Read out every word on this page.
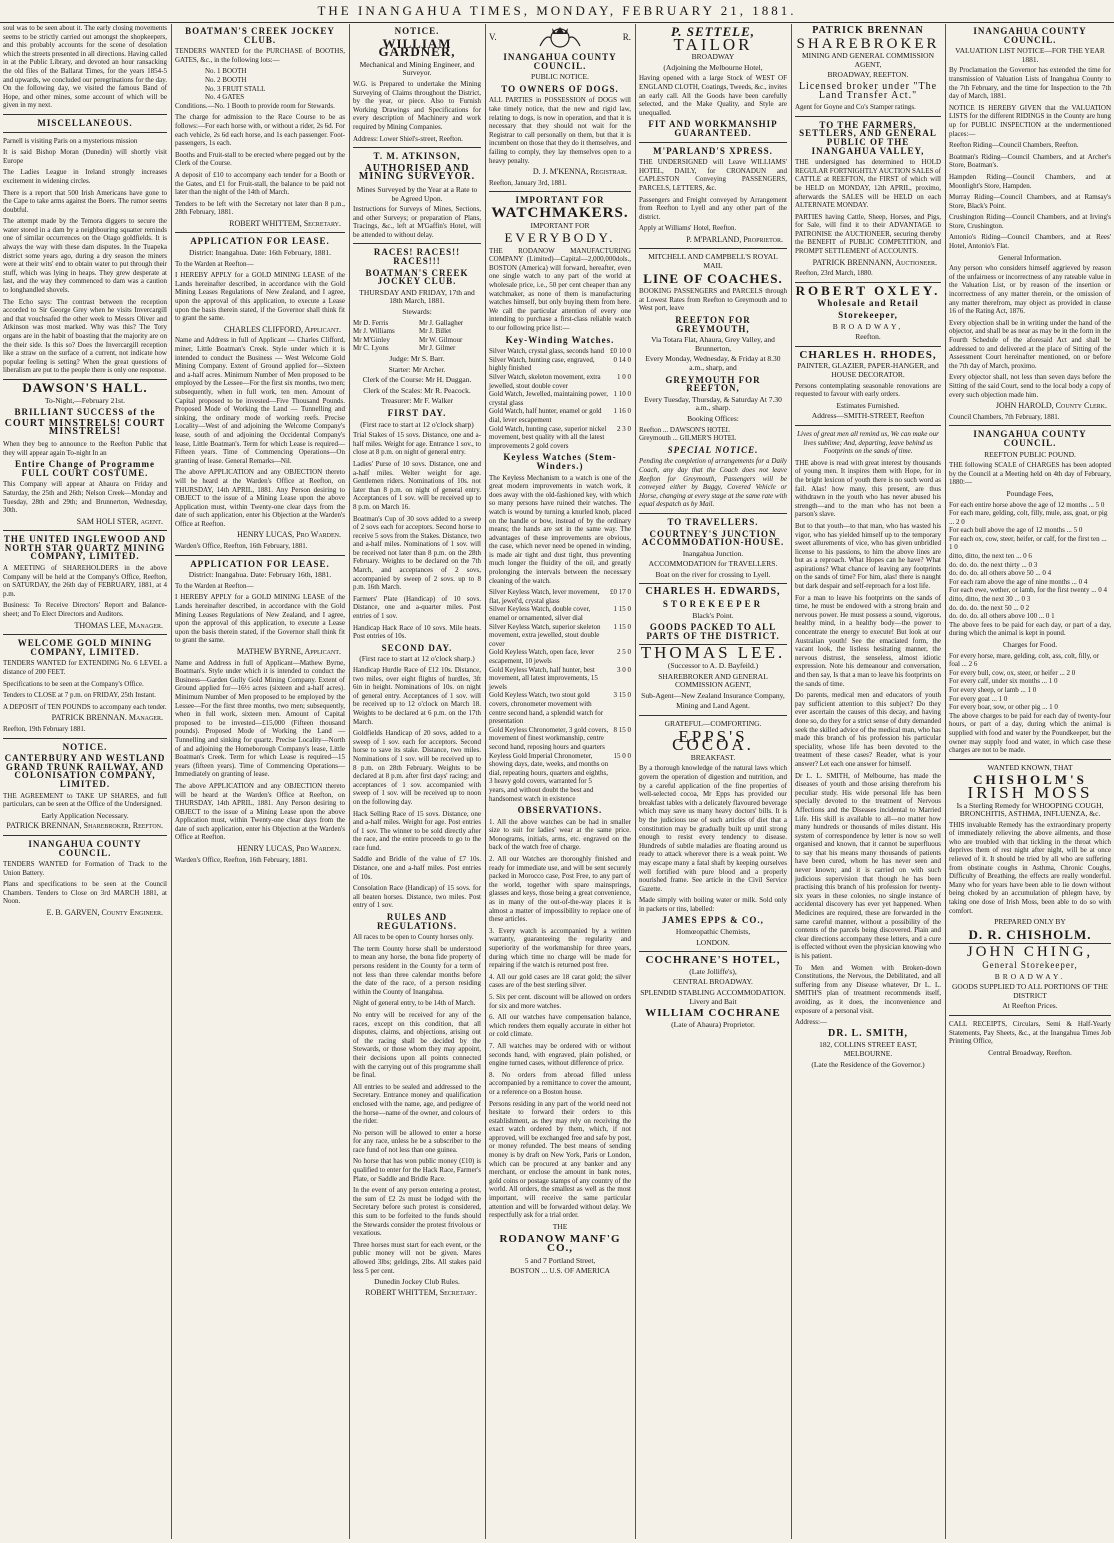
THE INANGAHUA TIMES, MONDAY, FEBRUARY 21, 1881.

soul was to be seen about it. The early closing movements seems to be strictly carried out amongst the shopkeepers, and this probably accounts for the scene of desolation which the streets presented in all directions. Having called in at the Public Library, and devoted an hour ransacking the old files of the Ballarat Times, for the years 1854-5 and upwards, we concluded our peregrinations for the day. On the following day, we visited the famous Band of Hope, and other mines, some account of which will be given in my next.

MISCELLANEOUS.

Parnell is visiting Paris on a mysterious mission

It is said Bishop Moran (Dunedin) will shortly visit Europe

The Ladies League in Ireland strongly increases excitement in widening circles.

There is a report that 500 Irish Americans have gone to the Cape to take arms against the Boers. The rumor seems doubtful.

The attempt made by the Temora diggers to secure the water stored in a dam by a neighbouring squatter reminds one of similar occurrences on the Otago goldfields. It is always the way with these dam disputes. In the Tuapeka district some years ago, during a dry season the miners were at their wits' end to obtain water to put through their stuff, which was lying in heaps. They grew desperate at last, and the way they commenced to dam was a caution to longhandled shovels.

The Echo says: The contrast between the reception accorded to Sir George Grey when he visits Invercargill and that vouchsafed the other week to Messrs Oliver and Atkinson was most marked. Why was this? The Tory organs are in the habit of boasting that the majority are on the their side. Is this so? Does the Invercargill reception like a straw on the surface of a current, not indicate how popular feeling is setting? When the great questions of liberalism are put to the people there is only one response.

DAWSON'S HALL.
To-Night,—February 21st.
BRILLIANT SUCCESS of the
COURT MINSTRELS! COURT MINSTRELS!

When they beg to announce to the Reefton Public that they will appear again To-night In an

Entire Change of Programme FULL COURT COSTUME.

This Company will appear at Ahaura on Friday and Saturday, the 25th and 26th; Nelson Creek—Monday and Tuesday, 28th and 29th; and Brunnerton, Wednesday, 30th.

SAM HOLI STER, agent.
THE UNITED INGLEWOOD AND NORTH STAR QUARTZ MINING COMPANY, LIMITED.

A MEETING of SHAREHOLDERS in the above Company will be held at the Company's Office, Reefton, on SATURDAY, the 26th day of FEBRUARY, 1881, at 4 p.m.

Business: To Receive Directors' Report and Balance-sheet; and To Elect Directors and Auditors.

THOMAS LEE, Manager.
WELCOME GOLD MINING COMPANY, LIMITED.

TENDERS WANTED for EXTENDING No. 6 LEVEL a distance of 200 FEET.

Specifications to be seen at the Company's Office.

Tenders to CLOSE at 7 p.m. on FRIDAY, 25th Instant.

A DEPOSIT of TEN POUNDS to accompany each tender.

PATRICK BRENNAN. Manager.

Reefton, 19th February 1881.

NOTICE.
CANTERBURY AND WESTLAND GRAND TRUNK RAILWAY, AND COLONISATION COMPANY, LIMITED.

THE AGREEMENT to TAKE UP SHARES, and full particulars, can be seen at the Office of the Undersigned.

Early Application Necessary.
PATRICK BRENNAN, Sharebroker, Reefton.
INANGAHUA COUNTY COUNCIL.

TENDERS WANTED for Formation of Track to the Union Battery.

Plans and specifications to be seen at the Council Chambers. Tenders to Close on 3rd MARCH 1881, at Noon.

E. B. GARVEN, County Engineer.
BOATMAN'S CREEK JOCKEY CLUB.

TENDERS WANTED for the PURCHASE of BOOTHS, GATES, &c., in the following lots:—

No. 1 BOOTH
No. 2 BOOTH
No. 3 FRUIT STALL
No. 4 GATES

Conditions.—No. 1 Booth to provide room for Stewards.

The charge for admission to the Race Course to be as follows:—For each horse with, or without a rider, 2s 6d. For each vehicle, 2s 6d each horse, and 1s each passenger. Foot-passengers, 1s each.

Booths and Fruit-stall to be erected where pegged out by the Clerk of the Course.

A deposit of £10 to accompany each tender for a Booth or the Gates, and £1 for Fruit-stall, the balance to be paid not later than the night of the 14th of March.

Tenders to be left with the Secretary not later than 8 p.m., 28th February, 1881.

ROBERT WHITTEM, Secretary.
APPLICATION FOR LEASE.
District: Inangahua. Date: 16th February, 1881.

To the Warden at Reefton—

I HEREBY APPLY for a GOLD MINING LEASE of the Lands hereinafter described, in accordance with the Gold Mining Leases Regulations of New Zealand, and I agree, upon the approval of this application, to execute a Lease upon the basis therein stated, if the Governor shall think fit to grant the same.

CHARLES CLIFFORD, Applicant.

Name and Address in full of Applicant — Charles Clifford, miner, Little Boatman's Creek. Style under which it is intended to conduct the Business — West Welcome Gold Mining Company. Extent of Ground applied for—Sixteen and a-half acres. Minimum Number of Men proposed to be employed by the Lessee—For the first six months, two men; subsequently, when in full work, ten men. Amount of Capital proposed to be invested—Five Thousand Pounds. Proposed Mode of Working the Land — Tunnelling and sinking, the ordinary mode of working reefs. Precise Locality—West of and adjoining the Welcome Company's lease, south of and adjoining the Occidental Company's lease, Little Boatman's. Term for which Lease is required—Fifteen years. Time of Commencing Operations—On granting of lease. General Remarks—Nil.

The above APPLICATION and any OBJECTION thereto will be heard at the Warden's Office at Reefton, on THURSDAY, 14th APRIL, 1881. Any Person desiring to OBJECT to the issue of a Mining Lease upon the above Application must, within Twenty-one clear days from the date of such application, enter his Objection at the Warden's Office at Reefton.

HENRY LUCAS, Pro Warden.

Warden's Office, Reefton, 16th February, 1881.

APPLICATION FOR LEASE.
District: Inangahua. Date: February 16th, 1881.

To the Warden at Reefton—

I HEREBY APPLY for a GOLD MINING LEASE of the Lands hereinafter described, in accordance with the Gold Mining Leases Regulations of New Zealand, and I agree, upon the approval of this application, to execute a Lease upon the basis therein stated, if the Governor shall think fit to grant the same.

MATHEW BYRNE, Applicant.

Name and Address in full of Applicant—Mathew Byrne, Boatman's. Style under which it is intended to conduct the Business—Garden Gully Gold Mining Company. Extent of Ground applied for—16½ acres (sixteen and a-half acres). Minimum Number of Men proposed to be employed by the Lessee—For the first three months, two men; subsequently, when in full work, sixteen men. Amount of Capital proposed to be invested—£15,000 (Fifteen thousand pounds). Proposed Mode of Working the Land — Tunnelling and sinking for quartz. Precise Locality—North of and adjoining the Homeborough Company's lease, Little Boatman's Creek. Term for which Lease is required—15 years (fifteen years). Time of Commencing Operations—Immediately on granting of lease.

The above APPLICATION and any OBJECTION thereto will be heard at the Warden's Office at Reefton, on THURSDAY, 14th APRIL, 1881. Any Person desiring to OBJECT to the issue of a Mining Lease upon the above Application must, within Twenty-one clear days from the date of such application, enter his Objection at the Warden's Office at Reefton.

HENRY LUCAS, Pro Warden.

Warden's Office, Reefton, 16th February, 1881.

NOTICE.
WILLIAM GARDNER,
Mechanical and Mining Engineer, and Surveyor.

W.G. is Prepared to undertake the Mining Surveying of Claims throughout the District, by the year, or piece. Also to Furnish Working Drawings and Specifications for every description of Machinery and work required by Mining Companies.

Address: Lower Shiel's-street, Reefton.

T. M. ATKINSON,
AUTHORISED AND MINING SURVEYOR.
Mines Surveyed by the Year at a Rate to be Agreed Upon.

Instructions for Surveys of Mines, Sections, and other Surveys; or preparation of Plans, Tracings, &c., left at M'Gaffin's Hotel, will be attended to without delay.

RACES! RACES!! RACES!!!
BOATMAN'S CREEK JOCKEY CLUB.
THURSDAY AND FRIDAY, 17th and 18th March, 1881.
Stewards:
Mr D. Ferris	Mr J. Gallagher
Mr J. Williams	Mr J. Billet
Mr M'Ginley	Mr W. Gilmour
Mr C. Lyons	Mr J. Gilmer
Judge: Mr S. Barr.
Starter: Mr Archer.
Clerk of the Course: Mr H. Duggan.
Clerk of the Scales: Mr R. Peacock.
Treasurer: Mr F. Walker
FIRST DAY.
(First race to start at 12 o'clock sharp)

Trial Stakes of 15 sovs. Distance, one and a-half miles. Weight for age. Entrance 1 sov., to close at 8 p.m. on night of general entry.

Ladies' Purse of 10 sovs. Distance, one and a-half miles. Welter weight for age. Gentlemen riders. Nominations of 10s. not later than 8 p.m. on night of general entry. Acceptances of 1 sov. will be received up to 8 p.m. on March 16.

Boatman's Cup of 30 sovs added to a sweep of 2 sovs each for acceptors. Second horse to receive 5 sovs from the Stakes. Distance, two and a-half miles. Nominations of 1 sov. will be received not later than 8 p.m. on the 28th February. Weights to be declared on the 7th March, and acceptances of 2 sovs, accompanied by sweep of 2 sovs. up to 8 p.m. 16th March.

Farmers' Plate (Handicap) of 10 sovs. Distance, one and a-quarter miles. Post entries of 1 sov.

Handicap Hack Race of 10 sovs. Mile heats. Post entries of 10s.

SECOND DAY.
(First race to start at 12 o'clock sharp.)

Handicap Hurdle Race of £12 10s. Distance, two miles, over eight flights of hurdles, 3ft 6in in height. Nominations of 10s. on night of general entry. Acceptances of 1 sov. will be received up to 12 o'clock on March 18. Weights to be declared at 6 p.m. on the 17th March.

Goldfields Handicap of 20 sovs, added to a sweep of 1 sov. each for acceptors. Second horse to save its stake. Distance, two miles. Nominations of 1 sov. will be received up to 8 p.m. on 28th February. Weights to be declared at 8 p.m. after first days' racing; and acceptances of 1 sov. accompanied with sweep of 1 sov. will be received up to noon on the following day.

Hack Selling Race of 15 sovs. Distance, one and a-half miles. Weight for age. Post entries of 1 sov. The winner to be sold directly after the race, and the entire proceeds to go to the race fund.

Saddle and Bridle of the value of £7 10s. Distance, one and a-half miles. Post entries of 10s.

Consolation Race (Handicap) of 15 sovs. for all beaten horses. Distance, two miles. Post entry of 1 sov.

RULES AND REGULATIONS.

All races to be open to County horses only.

The term County horse shall be understood to mean any horse, the bona fide property of persons resident in the County for a term of not less than three calendar months before the date of the race, of a person residing within the County of Inangahua.

Night of general entry, to be 14th of March.

No entry will be received for any of the races, except on this condition, that all disputes, claims, and objections, arising out of the racing shall be decided by the Stewards, or those whom they may appoint, their decisions upon all points connected with the carrying out of this programme shall be final.

All entries to be sealed and addressed to the Secretary. Entrance money and qualification enclosed with the name, age, and pedigree of the horse—name of the owner, and colours of the rider.

No person will be allowed to enter a horse for any race, unless he be a subscriber to the race fund of not less than one guinea.

No horse that has won public money (£10) is qualified to enter for the Hack Race, Farmer's Plate, or Saddle and Bridle Race.

In the event of any person entering a protest, the sum of £2 2s must be lodged with the Secretary before such protest is considered, this sum to be forfeited to the funds should the Stewards consider the protest frivolous or vexatious.

Three horses must start for each event, or the public money will not be given. Mares allowed 3lbs; geldings, 2lbs. All stakes paid less 5 per cent.

Dunedin Jockey Club Rules.
ROBERT WHITTEM, Secretary.
V.	R.
INANGAHUA COUNTY COUNCIL.
PUBLIC NOTICE.
TO OWNERS OF DOGS.

ALL PARTIES in POSSESSION of DOGS will take timely notice, that the new and rigid law, relating to dogs, is now in operation, and that it is necessary that they should not wait for the Registrar to call personally on them, but that it is incumbent on those that they do it themselves, and failing to comply, they lay themselves open to a heavy penalty.

D. J. M'KENNA, Registrar.

Reefton, January 3rd, 1881.

IMPORTANT FOR
WATCHMAKERS.
IMPORTANT FOR
EVERYBODY.

THE RODANOW MANUFACTURING COMPANY (Limited)—Capital—2,000,000dols., BOSTON (America) will forward, hereafter, even one single watch to any part of the world at wholesale price, i.e., 50 per cent cheaper than any watchmaker, as none of them is manufacturing watches himself, but only buying them from here. We call the particular attention of every one intending to purchase a first-class reliable watch to our following price list:—

Key-Winding Watches.
Silver Watch, crystal glass, seconds hand £0 10 0
Silver Watch, hunting case, engraved, highly finished
0 14 0
Silver Watch, skeleton movement, extra jewelled, stout double cover
1 0 0
Gold Watch, Jewelled, maintaining power, crystal glass
1 10 0
Gold Watch, half hunter, enamel or gold dial, lever escapement
1 16 0
Gold Watch, hunting case, superior nickel movement, best quality with all the latest improvements 2 gold covers
2 3 0
Keyless Watches (Stem-Winders.)

The Keyless Mechanism to a watch is one of the great modern improvements in watch work, it does away with the old-fashioned key, with which so many persons have ruined their watches. The watch is wound by turning a knurled knob, placed on the handle or bow, instead of by the ordinary means; the hands are set in the same way. The advantages of these improvements are obvious, the case, which never need be opened in winding, is made air tight and dust tight, thus preventing much longer the fluidity of the oil, and greatly prolonging the intervals between the necessary cleaning of the watch.

Silver Keyless Watch, lever movement, flat, jewel'd, crystal glass
£0 17 0
Silver Keyless Watch, double cover, enamel or ornamented, silver dial
1 15 0
Silver Keyless Watch, superior skeleton movement, extra jewelled, stout double cover
1 15 0
Gold Keyless Watch, open face, lever escapement, 10 jewels
2 5 0
Gold Keyless Watch, half hunter, best movement, all latest improvements, 15 jewels
3 0 0
Gold Keyless Watch, two stout gold covers, chronometer movement with centre second hand, a splendid watch for presentation
3 15 0
Gold Keyless Chronometer, 3 gold covers, movement of finest workmanship, centre second hand, reposing hours and quarters
8 15 0
Keyless Gold Imperial Chronometer, showing days, date, weeks, and months on dial, repeating hours, quarters and eighths, 3 heavy gold covers, warranted for 5 years, and without doubt the best and handsomest watch in existence
15 0 0
OBSERVATIONS.

1. All the above watches can be had in smaller size to suit for ladies' wear at the same price. Monograms, initials, arms, etc. engraved on the back of the watch free of charge.

2. All our Watches are thoroughly finished and ready for immediate use, and will be sent securely packed in Morocco case, Post Free, to any part of the world, together with spare mainsprings, glasses and keys, those being a great convenience, as in many of the out-of-the-way places it is almost a matter of impossibility to replace one of these articles.

3. Every watch is accompanied by a written warranty, guaranteeing the regularity and superiority of the workmanship for three years, during which time no charge will be made for repairing if the watch is returned post free.

4. All our gold cases are 18 carat gold; the silver cases are of the best sterling silver.

5. Six per cent. discount will be allowed on orders for six and more watches.

6. All our watches have compensation balance, which renders them equally accurate in either hot or cold climate.

7. All watches may be ordered with or without seconds hand, with engraved, plain polished, or engine turned cases, without difference of price.

8. No orders from abroad filled unless accompanied by a remittance to cover the amount, or a reference on a Boston house.

Persons residing in any part of the world need not hesitate to forward their orders to this establishment, as they may rely on receiving the exact watch ordered by them, which, if not approved, will be exchanged free and safe by post, or money refunded. The best means of sending money is by draft on New York, Paris or London, which can be procured at any banker and any merchant, or enclose the amount in bank notes, gold coins or postage stamps of any country of the world. All orders, the smallest as well as the most important, will receive the same particular attention and will be forwarded without delay. We respectfully ask for a trial order.

THE
RODANOW MANF'G CO.,
5 and 7 Portland Street,
BOSTON ... U.S. OF AMERICA
P. SETTELE,
TAILOR
BROADWAY
(Adjoining the Melbourne Hotel,

Having opened with a large Stock of WEST OF ENGLAND CLOTH, Coatings, Tweeds, &c., invites an early call. All the Goods have been carefully selected, and the Make Quality, and Style are unequalled.

FIT AND WORKMANSHIP GUARANTEED.
M'PARLAND'S XPRESS.

THE UNDERSIGNED will Leave WILLIAMS' HOTEL, DAILY, for CRONADUN and CAPLESTON Conveying PASSENGERS, PARCELS, LETTERS, &c.

Passengers and Freight conveyed by Arrangement from Reefton to Lyell and any other part of the district.

Apply at Williams' Hotel, Reefton.

P. M'PARLAND, Proprietor.
MITCHELL AND CAMPBELL'S ROYAL MAIL
LINE OF COACHES.

BOOKING PASSENGERS and PARCELS through at Lowest Rates from Reefton to Greymouth and to West port, leave

REEFTON FOR GREYMOUTH,
Via Totara Flat, Ahaura, Grey Valley, and Brunnerton,
Every Monday, Wednesday, & Friday at 8.30 a.m., sharp, and
GREYMOUTH FOR REEFTON,
Every Tuesday, Thursday, & Saturday At 7.30 a.m., sharp.
Booking Offices:
Reefton ... DAWSON'S HOTEL
Greymouth ... GILMER'S HOTEL
SPECIAL NOTICE.

Pending the completion of arrangements for a Daily Coach, any day that the Coach does not leave Reefton for Greymouth, Passengers will be conveyed either by Buggy, Covered Vehicle or Horse, changing at every stage at the same rate with equal despatch as by Mail.

TO TRAVELLERS.
COURTNEY'S JUNCTION ACCOMMODATION-HOUSE.
Inangahua Junction.
ACCOMMODATION for TRAVELLERS.
Boat on the river for crossing to Lyell.
CHARLES H. EDWARDS,
STOREKEEPER
Black's Point.
GOODS PACKED TO ALL PARTS OF THE DISTRICT.
THOMAS LEE.
(Successor to A. D. Bayfeild.)
SHAREBROKER AND GENERAL COMMISSION AGENT,
Sub-Agent—New Zealand Insurance Company,
Mining and Land Agent.
GRATEFUL—COMFORTING.
EPPS'S COCOA.
BREAKFAST.

By a thorough knowledge of the natural laws which govern the operation of digestion and nutrition, and by a careful application of the fine properties of well-selected cocoa, Mr Epps has provided our breakfast tables with a delicately flavoured beverage which may save us many heavy doctors' bills. It is by the judicious use of such articles of diet that a constitution may be gradually built up until strong enough to resist every tendency to disease. Hundreds of subtle maladies are floating around us ready to attack wherever there is a weak point. We may escape many a fatal shaft by keeping ourselves well fortified with pure blood and a properly nourished frame. See article in the Civil Service Gazette.

Made simply with boiling water or milk. Sold only in packets or tins, labelled:

JAMES EPPS & CO.,
Homœopathic Chemists,
LONDON.
COCHRANE'S HOTEL,
(Late Jolliffe's),
CENTRAL BROADWAY.
SPLENDID STABLING ACCOMMODATION. Livery and Bait
WILLIAM COCHRANE
(Late of Ahaura) Proprietor.
PATRICK BRENNAN
SHAREBROKER
MINING AND GENERAL COMMISSION AGENT,
BROADWAY, REEFTON.
Licensed broker under "The Land Transfer Act."

Agent for Goyne and Co's Stamper ratings.

TO THE FARMERS, SETTLERS, AND GENERAL PUBLIC OF THE INANGAHUA VALLEY,

THE undersigned has determined to HOLD REGULAR FORTNIGHTLY AUCTION SALES of CATTLE at REEFTON, the FIRST of which will be HELD on MONDAY, 12th APRIL, proximo, afterwards the SALES will be HELD on each ALTERNATE MONDAY.

PARTIES having Cattle, Sheep, Horses, and Pigs, for Sale, will find it to their ADVANTAGE to PATRONISE the AUCTIONEER, securing thereby the BENEFIT of PUBLIC COMPETITION, and PROMPT SETTLEMENT of ACCOUNTS.

PATRICK BRENNANN, Auctioneer.

Reefton, 23rd March, 1880.

ROBERT OXLEY.
Wholesale and Retail
Storekeeper,
BROADWAY,
Reefton.
CHARLES H. RHODES,
PAINTER, GLAZIER, PAPER-HANGER, and HOUSE DECORATOR.

Persons contemplating seasonable renovations are requested to favour with early orders.

Estimates Furnished.
Address—SMITH-STREET, Reefton

Lives of great men all remind us, We can make our lives sublime; And, departing, leave behind us Footprints on the sands of time.

THE above is read with great interest by thousands of young men. It inspires them with Hope, for in the bright lexicon of youth there is no such word as fail. Alas! how many, this present, are thus withdrawn in the youth who has never abused his strength—and to the man who has not been a parson's slave.

But to that youth—to that man, who has wasted his vigor, who has yielded himself up to the temporary sweet allurements of vice, who has given unbridled license to his passions, to him the above lines are but as a reproach. What Hopes can he have? What aspirations? What chance of leaving any footprints on the sands of time? For him, alas! there is naught but dark despair and self-reproach for a lost life.

For a man to leave his footprints on the sands of time, he must be endowed with a strong brain and nervous power. He must possess a sound, vigorous, healthy mind, in a healthy body—the power to concentrate the energy to execute! But look at our Australian youth! See the emaciated form, the vacant look, the listless hesitating manner, the nervous distrust, the senseless, almost idiotic expression. Note his demeanour and conversation, and then say, Is that a man to leave his footprints on the sands of time.

Do parents, medical men and educators of youth pay sufficient attention to this subject? Do they ever ascertain the causes of this decay, and having done so, do they for a strict sense of duty demanded seek the skilled advice of the medical man, who has made this branch of his profession his particular speciality, whose life has been devoted to the treatment of these cases? Reader, what is your answer? Let each one answer for himself.

Dr L. L. SMITH, of Melbourne, has made the diseases of youth and those arising therefrom his peculiar study. His wide personal life has been specially devoted to the treatment of Nervous Affections and the Diseases incidental to Married Life. His skill is available to all—no matter how many hundreds or thousands of miles distant. His system of correspondence by letter is now so well organised and known, that it cannot be superfluous to say that his means many thousands of patients have been cured, whom he has never seen and never known; and it is carried on with such judicious supervision that though he has been practising this branch of his profession for twenty-six years in these colonies, no single instance of accidental discovery has ever yet happened. When Medicines are required, these are forwarded in the same careful manner, without a possibility of the contents of the parcels being discovered. Plain and clear directions accompany these letters, and a cure is effected without even the physician knowing who is his patient.

To Men and Women with Broken-down Constitutions, the Nervous, the Debilitated, and all suffering from any Disease whatever, Dr L. L. SMITH'S plan of treatment recommends itself, avoiding, as it does, the inconvenience and exposure of a personal visit.

Address:—
DR. L. SMITH,
182, COLLINS STREET EAST, MELBOURNE.
(Late the Residence of the Governor.)
INANGAHUA COUNTY COUNCIL.
VALUATION LIST NOTICE—FOR THE YEAR 1881.

By Proclamation the Governor has extended the time for transmission of Valuation Lists of Inangahua County to the 7th February, and the time for Inspection to the 7th day of March, 1881.

NOTICE IS HEREBY GIVEN that the VALUATION LISTS for the different RIDINGS in the County are hung up for PUBLIC INSPECTION at the undermentioned places:—

Reefton Riding—Council Chambers, Reefton.

Boatman's Riding—Council Chambers, and at Archer's Store, Boatman's.

Hampden Riding—Council Chambers, and at Moonlight's Store, Hampden.

Murray Riding—Council Chambers, and at Ramsay's Store, Black's Point.

Crushington Riding—Council Chambers, and at Irving's Store, Crushington.

Antonio's Riding—Council Chambers, and at Rees' Hotel, Antonio's Flat.

General Information.

Any person who considers himself aggrieved by reason of the unfairness or incorrectness of any rateable value in the Valuation List, or by reason of the insertion or incorrectness of any matter therein, or the omission of any matter therefrom, may object as provided in clause 16 of the Rating Act, 1876.

Every objection shall be in writing under the hand of the objector, and shall be as near as may be in the form in the Fourth Schedule of the aforesaid Act and shall be addressed to and delivered at the place of Sitting of the Assessment Court hereinafter mentioned, on or before the 7th day of March, proximo.

Every objector shall, not less than seven days before the Sitting of the said Court, send to the local body a copy of every such objection made him.

JOHN HAROLD, County Clerk.

Council Chambers, 7th February, 1881.

INANGAHUA COUNTY COUNCIL.
REEFTON PUBLIC POUND.

THE following SCALE of CHARGES has been adopted by the Council at a Meeting held on 4th day of February, 1880:—

Poundage Fees,
For each entire horse above the age of 12 months ... 5 0
For each mare, gelding, colt, filly, mule, ass, goat, or pig ... 2 0
For each bull above the age of 12 months ... 5 0
For each ox, cow, steer, heifer, or calf, for the first ten ... 1 0
ditto, ditto, the next ten ... 0 6
do. do. do. the next thirty ... 0 3
do. do. do. all others above 50 ... 0 4
For each ram above the age of nine months ... 0 4
For each ewe, wether, or lamb, for the first twenty ... 0 4
ditto, ditto, the next 30 ... 0 3
do. do. do. the next 50 ... 0 2
do. do. do. all others above 100 ... 0 1

The above fees to be paid for each day, or part of a day, during which the animal is kept in pound.

Charges for Food.
For every horse, mare, gelding, colt, ass, colt, filly, or foal ... 2 6
For every bull, cow, ox, steer, or heifer ... 2 0
For every calf, under six months ... 1 0
For every sheep, or lamb ... 1 0
For every goat ... 1 0
For every boar, sow, or other pig ... 1 0

The above charges to be paid for each day of twenty-four hours, or part of a day, during which the animal is supplied with food and water by the Poundkeeper, but the owner may supply food and water, in which case these charges are not to be made.

WANTED KNOWN, THAT
CHISHOLM'S
IRISH MOSS
Is a Sterling Remedy for WHOOPING COUGH, BRONCHITIS, ASTHMA, INFLUENZA, &c.

THIS invaluable Remedy has the extraordinary property of immediately relieving the above ailments, and those who are troubled with that tickling in the throat which deprives them of rest night after night, will be at once relieved of it. It should be tried by all who are suffering from obstinate coughs in Asthma, Chronic Coughs, Difficulty of Breathing, the effects are really wonderful. Many who for years have been able to lie down without being choked by an accumulation of phlegm have, by taking one dose of Irish Moss, been able to do so with comfort.

PREPARED ONLY BY
D. R. CHISHOLM.
JOHN CHING,
General Storekeeper,
BROADWAY.
GOODS SUPPLIED TO ALL PORTIONS OF THE DISTRICT
At Reefton Prices.

CALL RECEIPTS, Circulars, Semi & Half-Yearly Statements, Pay Sheets, &c., at the Inangahua Times Job Printing Office,

Central Broadway, Reefton.
